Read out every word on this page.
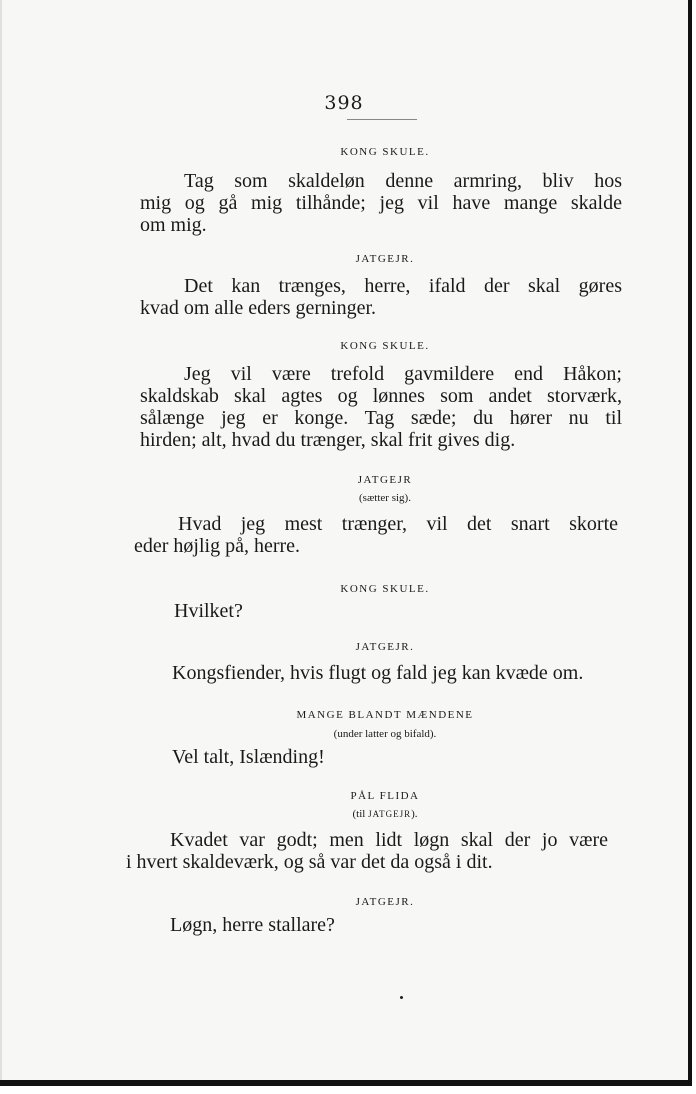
398
KONG SKULE.
Tag som skaldeløn denne armring, bliv hos
mig og gå mig tilhånde; jeg vil have mange skalde
om mig.
JATGEJR.
Det kan trænges, herre, ifald der skal gøres
kvad om alle eders gerninger.
KONG SKULE.
Jeg vil være trefold gavmildere end Håkon;
skaldskab skal agtes og lønnes som andet storværk,
sålænge jeg er konge. Tag sæde; du hører nu til
hirden; alt, hvad du trænger, skal frit gives dig.
JATGEJR
(sætter sig).
Hvad jeg mest trænger, vil det snart skorte
eder højlig på, herre.
KONG SKULE.
Hvilket?
JATGEJR.
Kongsfiender, hvis flugt og fald jeg kan kvæde om.
MANGE BLANDT MÆNDENE
(under latter og bifald).
Vel talt, Islænding!
PÅL FLIDA
(til JATGEJR).
Kvadet var godt; men lidt løgn skal der jo være
i hvert skaldeværk, og så var det da også i dit.
JATGEJR.
Løgn, herre stallare?
